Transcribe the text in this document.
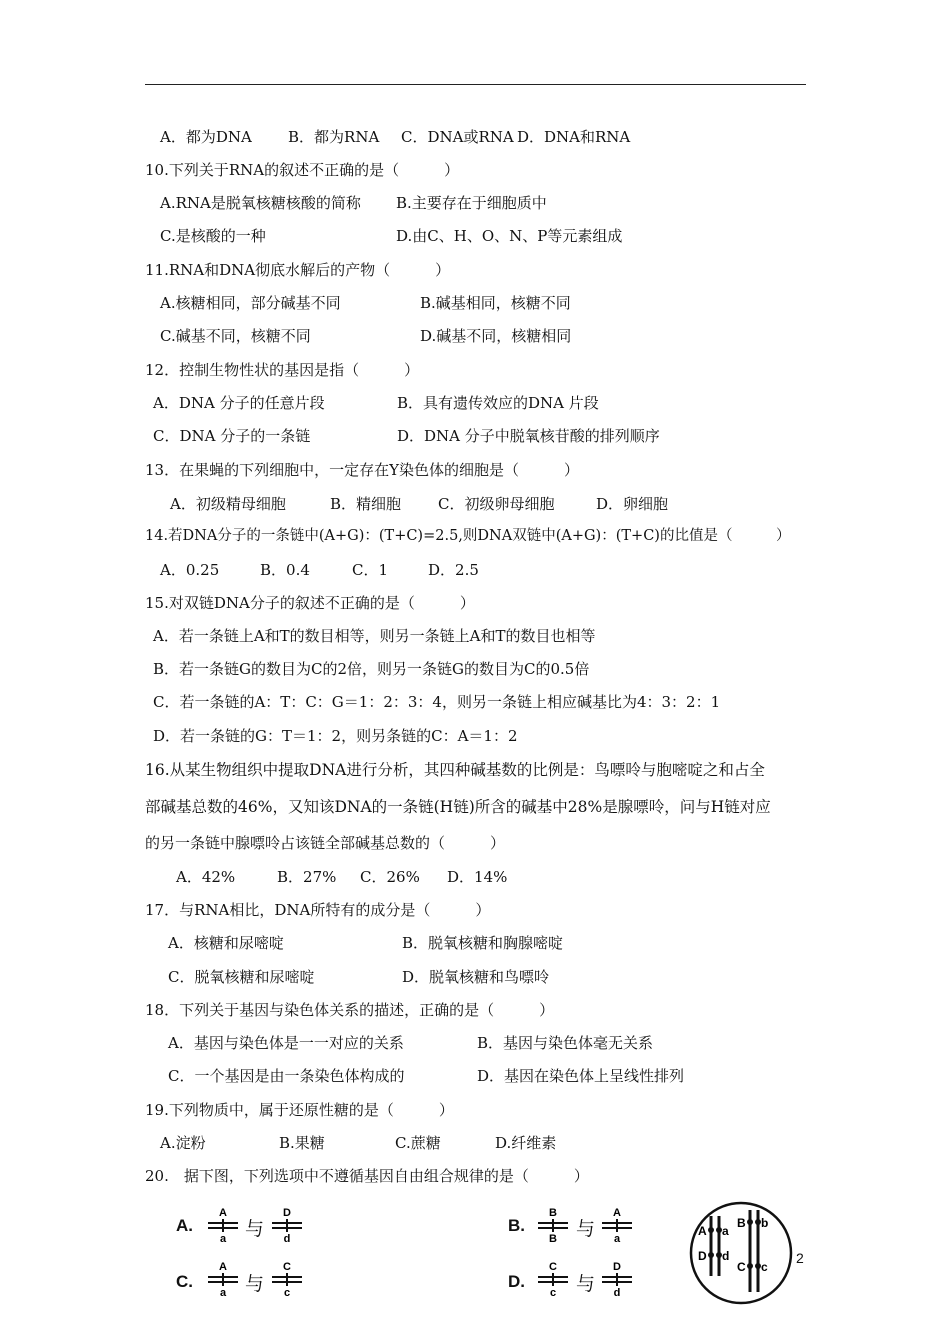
A．都为DNA B．都为RNA C．DNA或RNA D．DNA和RNA
10.下列关于RNA的叙述不正确的是（　　　）
A.RNA是脱氧核糖核酸的简称 B.主要存在于细胞质中
C.是核酸的一种	D.由C、H、O、N、P等元素组成
11.RNA和DNA彻底水解后的产物（　　　）
A.核糖相同，部分碱基不同	B.碱基相同，核糖不同
C.碱基不同，核糖不同	D.碱基不同，核糖相同
12．控制生物性状的基因是指（　　　）
A．DNA 分子的任意片段	B．具有遗传效应的DNA 片段
C．DNA 分子的一条链	D．DNA 分子中脱氧核苷酸的排列顺序
13．在果蝇的下列细胞中，一定存在Y染色体的细胞是（　　　）
A．初级精母细胞	B．精细胞 C．初级卵母细胞	D．卵细胞
14.若DNA分子的一条链中(A+G)：(T+C)=2.5,则DNA双链中(A+G)：(T+C)的比值是（　　　）
A．0.25	B．0.4	C．1	D．2.5
15.对双链DNA分子的叙述不正确的是（　　　）
A．若一条链上A和T的数目相等，则另一条链上A和T的数目也相等
B．若一条链G的数目为C的2倍，则另一条链G的数目为C的0.5倍
C．若一条链的A：T：C：G＝1：2：3：4，则另一条链上相应碱基比为4：3：2：1
D．若一条链的G：T＝1：2，则另条链的C：A＝1：2
16.从某生物组织中提取DNA进行分析，其四种碱基数的比例是：鸟嘌呤与胞嘧啶之和占全
部碱基总数的46%，又知该DNA的一条链(H链)所含的碱基中28%是腺嘌呤，问与H链对应
的另一条链中腺嘌呤占该链全部碱基总数的（　　　）
A．42%	B．27% C．26% D．14%
17．与RNA相比，DNA所特有的成分是（　　　）
A．核糖和尿嘧啶	B．脱氧核糖和胸腺嘧啶
C．脱氧核糖和尿嘧啶	D．脱氧核糖和鸟嘌呤
18．下列关于基因与染色体关系的描述，正确的是（　　　）
A．基因与染色体是一一对应的关系	B．基因与染色体毫无关系
C．一个基因是由一条染色体构成的	D．基因在染色体上呈线性排列
19.下列物质中，属于还原性糖的是（　　　）
A.淀粉	B.果糖	C.蔗糖	D.纤维素
20.　据下图，下列选项中不遵循基因自由组合规律的是（　　　）
A.
A
a 与
D
d
B.
B
B 与
A
a
C.
A
a 与
C
c
D.
C
c 与
D
d
A a
D d
B b
C c
2
